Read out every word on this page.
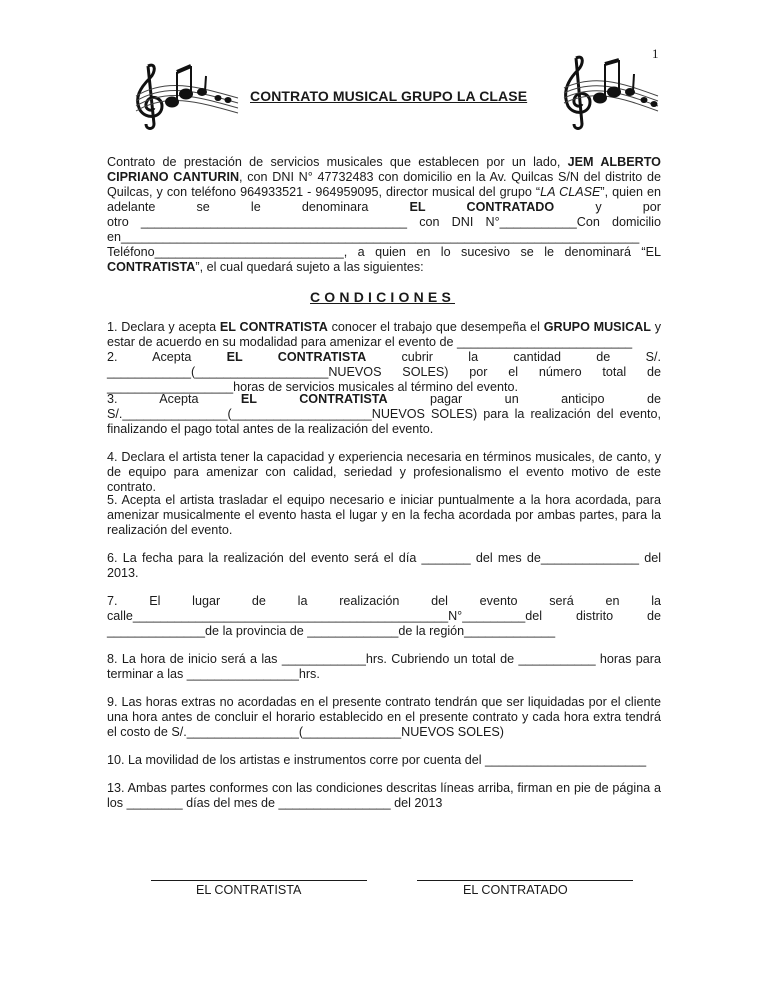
1
CONTRATO MUSICAL GRUPO LA CLASE

Contrato de prestación de servicios musicales que establecen por un lado, JEM ALBERTO

CIPRIANO CANTURIN, con DNI N° 47732483 con domicilio en la Av. Quilcas S/N del distrito de

Quilcas, y con teléfono 964933521 - 964959095, director musical del grupo “LA CLASE”, quien en

adelante se le denominara EL CONTRATADO y por

otro ______________________________________ con DNI N°___________Con domicilio

en__________________________________________________________________________

Teléfono___________________________, a quien en lo sucesivo se le denominará “EL

CONTRATISTA”, el cual quedará sujeto a las siguientes:

CONDICIONES

1. Declara y acepta EL CONTRATISTA conocer el trabajo que desempeña el GRUPO MUSICAL y

estar de acuerdo en su modalidad para amenizar el evento de _________________________

2. Acepta EL CONTRATISTA cubrir la cantidad de S/.

____________(___________________NUEVOS SOLES) por el número total de

__________________horas de servicios musicales al término del evento.

3. Acepta EL CONTRATISTA pagar un anticipo de

S/._______________(____________________NUEVOS SOLES) para la realización del evento,

finalizando el pago total antes de la realización del evento.

4. Declara el artista tener la capacidad y experiencia necesaria en términos musicales, de canto, y

de equipo para amenizar con calidad, seriedad y profesionalismo el evento motivo de este contrato.

5. Acepta el artista trasladar el equipo necesario e iniciar puntualmente a la hora acordada, para

amenizar musicalmente el evento hasta el lugar y en la fecha acordada por ambas partes, para la

realización del evento.

6. La fecha para la realización del evento será el día _______ del mes de______________ del

2013.

7. El lugar de la realización del evento será en la

calle_____________________________________________N°_________del distrito de

______________de la provincia de _____________de la región_____________

8. La hora de inicio será a las ____________hrs. Cubriendo un total de ___________ horas para

terminar a las ________________hrs.

9. Las horas extras no acordadas en el presente contrato tendrán que ser liquidadas por el cliente

una hora antes de concluir el horario establecido en el presente contrato y cada hora extra tendrá

el costo de S/.________________(______________NUEVOS SOLES)

10. La movilidad de los artistas e instrumentos corre por cuenta del _______________________

13. Ambas partes conformes con las condiciones descritas líneas arriba, firman en pie de página a

los ________ días del mes de ________________ del 2013

EL CONTRATISTA	EL CONTRATADO
